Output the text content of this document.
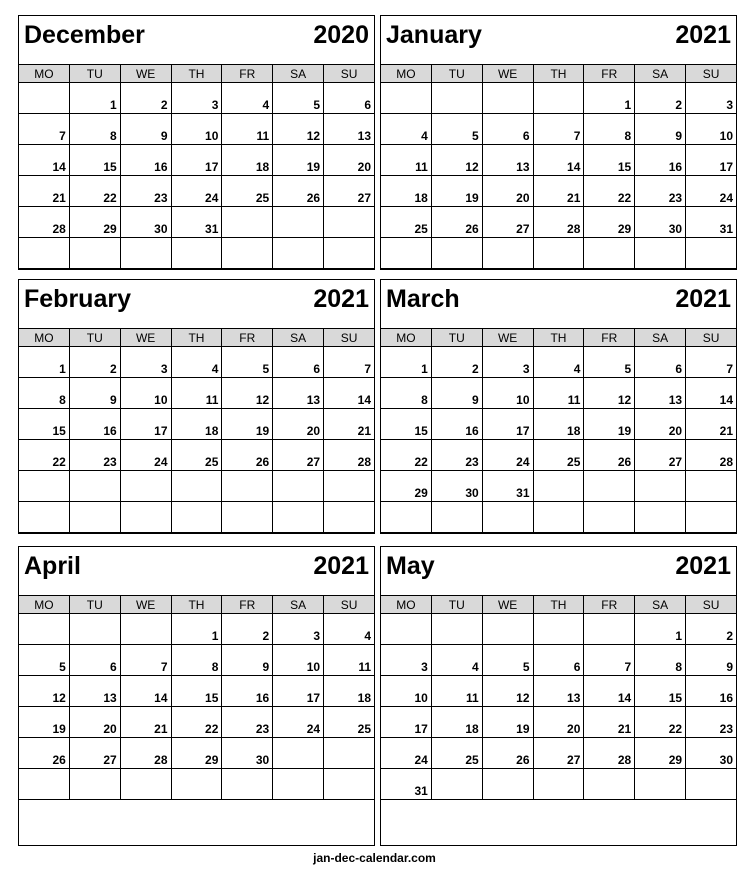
December	2020
MO	TU	WE	TH	FR	SA	SU

	1	2	3	4	5	6

7	8	9	10	11	12	13

14	15	16	17	18	19	20

21	22	23	24	25	26	27

28	29	30	31			

January	2021
MO	TU	WE	TH	FR	SA	SU

				1	2	3

4	5	6	7	8	9	10

11	12	13	14	15	16	17

18	19	20	21	22	23	24

25	26	27	28	29	30	31

February	2021
MO	TU	WE	TH	FR	SA	SU

1	2	3	4	5	6	7

8	9	10	11	12	13	14

15	16	17	18	19	20	21

22	23	24	25	26	27	28

March	2021
MO	TU	WE	TH	FR	SA	SU

1	2	3	4	5	6	7

8	9	10	11	12	13	14

15	16	17	18	19	20	21

22	23	24	25	26	27	28

29	30	31				

April	2021
MO	TU	WE	TH	FR	SA	SU

			1	2	3	4

5	6	7	8	9	10	11

12	13	14	15	16	17	18

19	20	21	22	23	24	25

26	27	28	29	30		

May	2021
MO	TU	WE	TH	FR	SA	SU

					1	2

3	4	5	6	7	8	9

10	11	12	13	14	15	16

17	18	19	20	21	22	23

24	25	26	27	28	29	30

31						

jan-dec-calendar.com
